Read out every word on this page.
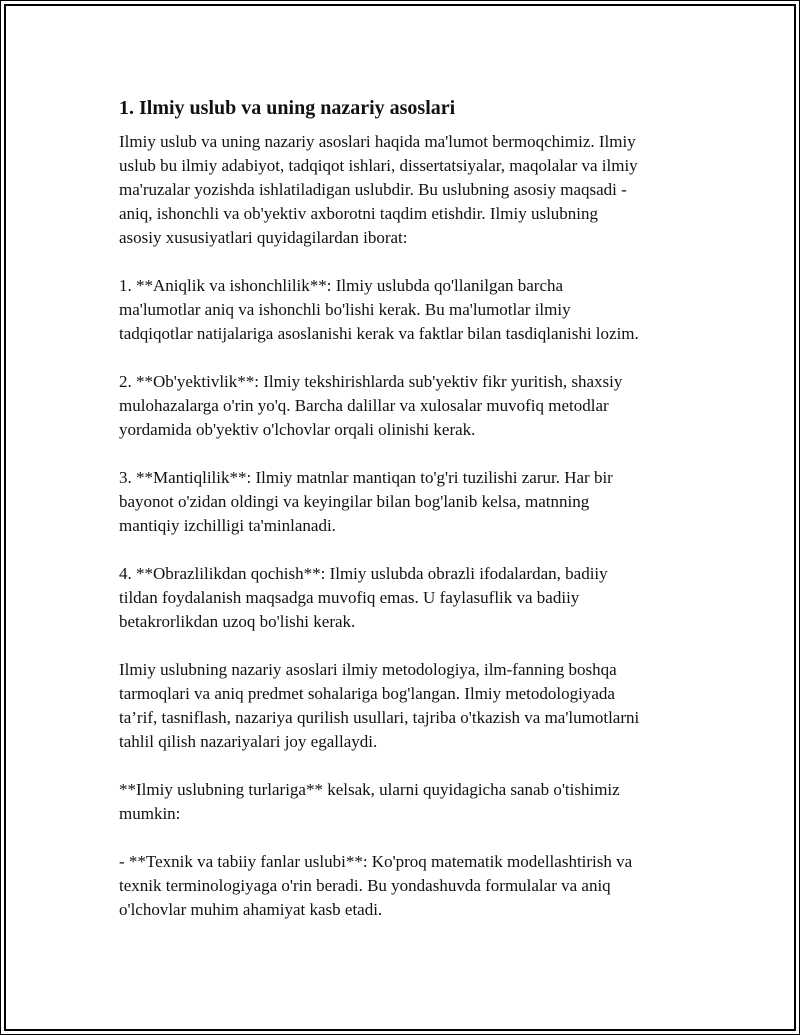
1. Ilmiy uslub va uning nazariy asoslari
Ilmiy uslub va uning nazariy asoslari haqida ma'lumot bermoqchimiz. Ilmiy
uslub bu ilmiy adabiyot, tadqiqot ishlari, dissertatsiyalar, maqolalar va ilmiy
ma'ruzalar yozishda ishlatiladigan uslubdir. Bu uslubning asosiy maqsadi -
aniq, ishonchli va ob'yektiv axborotni taqdim etishdir. Ilmiy uslubning
asosiy xususiyatlari quyidagilardan iborat:
1. **Aniqlik va ishonchlilik**: Ilmiy uslubda qo'llanilgan barcha
ma'lumotlar aniq va ishonchli bo'lishi kerak. Bu ma'lumotlar ilmiy
tadqiqotlar natijalariga asoslanishi kerak va faktlar bilan tasdiqlanishi lozim.
2. **Ob'yektivlik**: Ilmiy tekshirishlarda sub'yektiv fikr yuritish, shaxsiy
mulohazalarga o'rin yo'q. Barcha dalillar va xulosalar muvofiq metodlar
yordamida ob'yektiv o'lchovlar orqali olinishi kerak.
3. **Mantiqlilik**: Ilmiy matnlar mantiqan to'g'ri tuzilishi zarur. Har bir
bayonot o'zidan oldingi va keyingilar bilan bog'lanib kelsa, matnning
mantiqiy izchilligi ta'minlanadi.
4. **Obrazlilikdan qochish**: Ilmiy uslubda obrazli ifodalardan, badiiy
tildan foydalanish maqsadga muvofiq emas. U faylasuflik va badiiy
betakrorlikdan uzoq bo'lishi kerak.
Ilmiy uslubning nazariy asoslari ilmiy metodologiya, ilm-fanning boshqa
tarmoqlari va aniq predmet sohalariga bog'langan. Ilmiy metodologiyada
ta’rif, tasniflash, nazariya qurilish usullari, tajriba o'tkazish va ma'lumotlarni
tahlil qilish nazariyalari joy egallaydi.
**Ilmiy uslubning turlariga** kelsak, ularni quyidagicha sanab o'tishimiz
mumkin:
- **Texnik va tabiiy fanlar uslubi**: Ko'proq matematik modellashtirish va
texnik terminologiyaga o'rin beradi. Bu yondashuvda formulalar va aniq
o'lchovlar muhim ahamiyat kasb etadi.
